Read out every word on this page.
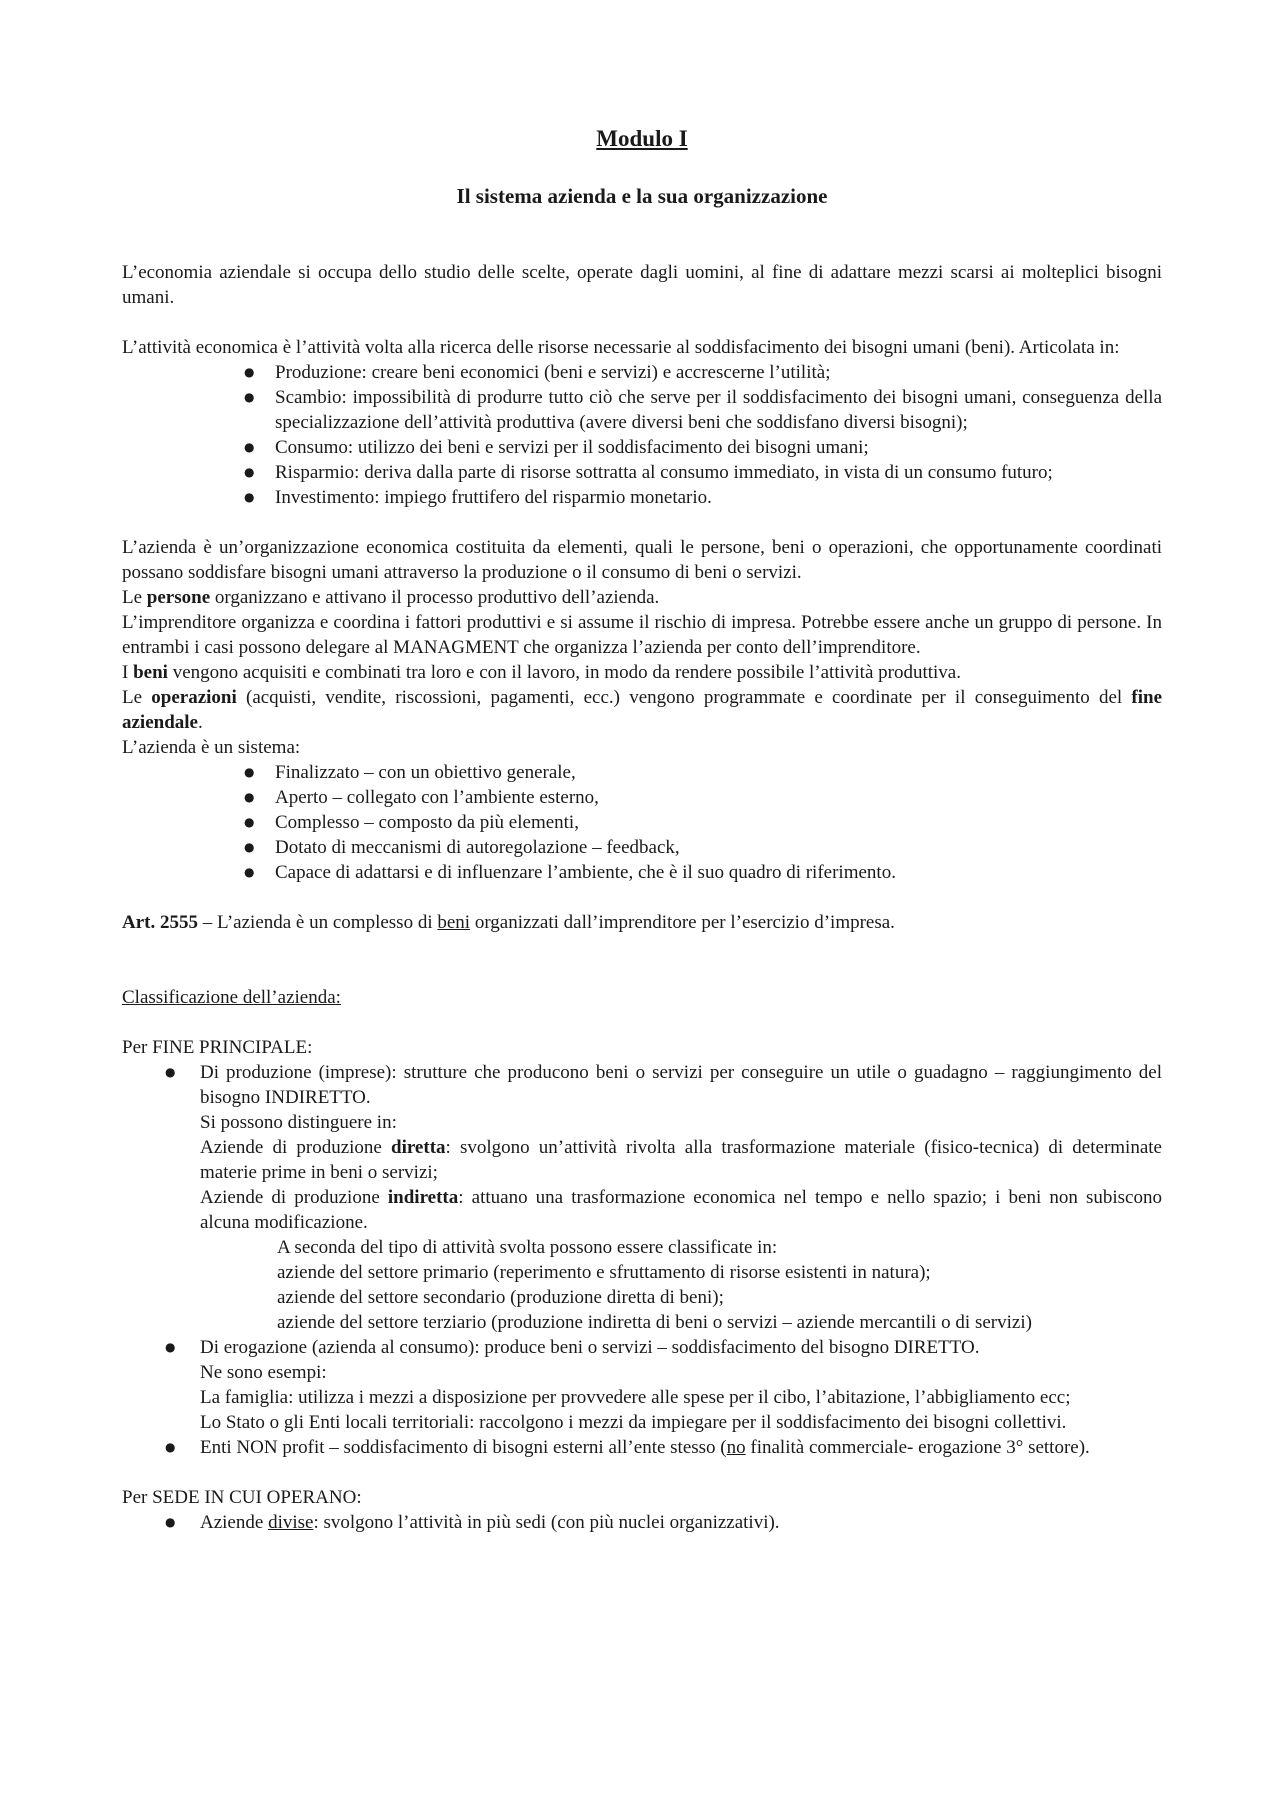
Modulo I
Il sistema azienda e la sua organizzazione

L’economia aziendale si occupa dello studio delle scelte, operate dagli uomini, al fine di adattare mezzi scarsi ai molteplici bisogni umani.

L’attività economica è l’attività volta alla ricerca delle risorse necessarie al soddisfacimento dei bisogni umani (beni). Articolata in:

● Produzione: creare beni economici (beni e servizi) e accrescerne l’utilità;
● Scambio: impossibilità di produrre tutto ciò che serve per il soddisfacimento dei bisogni umani, conseguenza della specializzazione dell’attività produttiva (avere diversi beni che soddisfano diversi bisogni);
● Consumo: utilizzo dei beni e servizi per il soddisfacimento dei bisogni umani;
● Risparmio: deriva dalla parte di risorse sottratta al consumo immediato, in vista di un consumo futuro;
● Investimento: impiego fruttifero del risparmio monetario.

L’azienda è un’organizzazione economica costituita da elementi, quali le persone, beni o operazioni, che opportunamente coordinati possano soddisfare bisogni umani attraverso la produzione o il consumo di beni o servizi.

Le persone organizzano e attivano il processo produttivo dell’azienda.

L’imprenditore organizza e coordina i fattori produttivi e si assume il rischio di impresa. Potrebbe essere anche un gruppo di persone. In entrambi i casi possono delegare al MANAGMENT che organizza l’azienda per conto dell’imprenditore.

I beni vengono acquisiti e combinati tra loro e con il lavoro, in modo da rendere possibile l’attività produttiva.

Le operazioni (acquisti, vendite, riscossioni, pagamenti, ecc.) vengono programmate e coordinate per il conseguimento del fine aziendale.

L’azienda è un sistema:

● Finalizzato – con un obiettivo generale,
● Aperto – collegato con l’ambiente esterno,
● Complesso – composto da più elementi,
● Dotato di meccanismi di autoregolazione – feedback,
● Capace di adattarsi e di influenzare l’ambiente, che è il suo quadro di riferimento.

Art. 2555 – L’azienda è un complesso di beni organizzati dall’imprenditore per l’esercizio d’impresa.

Classificazione dell’azienda:

Per FINE PRINCIPALE:

● Di produzione (imprese): strutture che producono beni o servizi per conseguire un utile o guadagno – raggiungimento del bisogno INDIRETTO.
Si possono distinguere in:
Aziende di produzione diretta: svolgono un’attività rivolta alla trasformazione materiale (fisico-tecnica) di determinate materie prime in beni o servizi;
Aziende di produzione indiretta: attuano una trasformazione economica nel tempo e nello spazio; i beni non subiscono alcuna modificazione.
A seconda del tipo di attività svolta possono essere classificate in:
aziende del settore primario (reperimento e sfruttamento di risorse esistenti in natura);
aziende del settore secondario (produzione diretta di beni);
aziende del settore terziario (produzione indiretta di beni o servizi – aziende mercantili o di servizi)
● Di erogazione (azienda al consumo): produce beni o servizi – soddisfacimento del bisogno DIRETTO.
Ne sono esempi:
La famiglia: utilizza i mezzi a disposizione per provvedere alle spese per il cibo, l’abitazione, l’abbigliamento ecc;
Lo Stato o gli Enti locali territoriali: raccolgono i mezzi da impiegare per il soddisfacimento dei bisogni collettivi.
● Enti NON profit – soddisfacimento di bisogni esterni all’ente stesso (no finalità commerciale- erogazione 3° settore).

Per SEDE IN CUI OPERANO:

● Aziende divise: svolgono l’attività in più sedi (con più nuclei organizzativi).
